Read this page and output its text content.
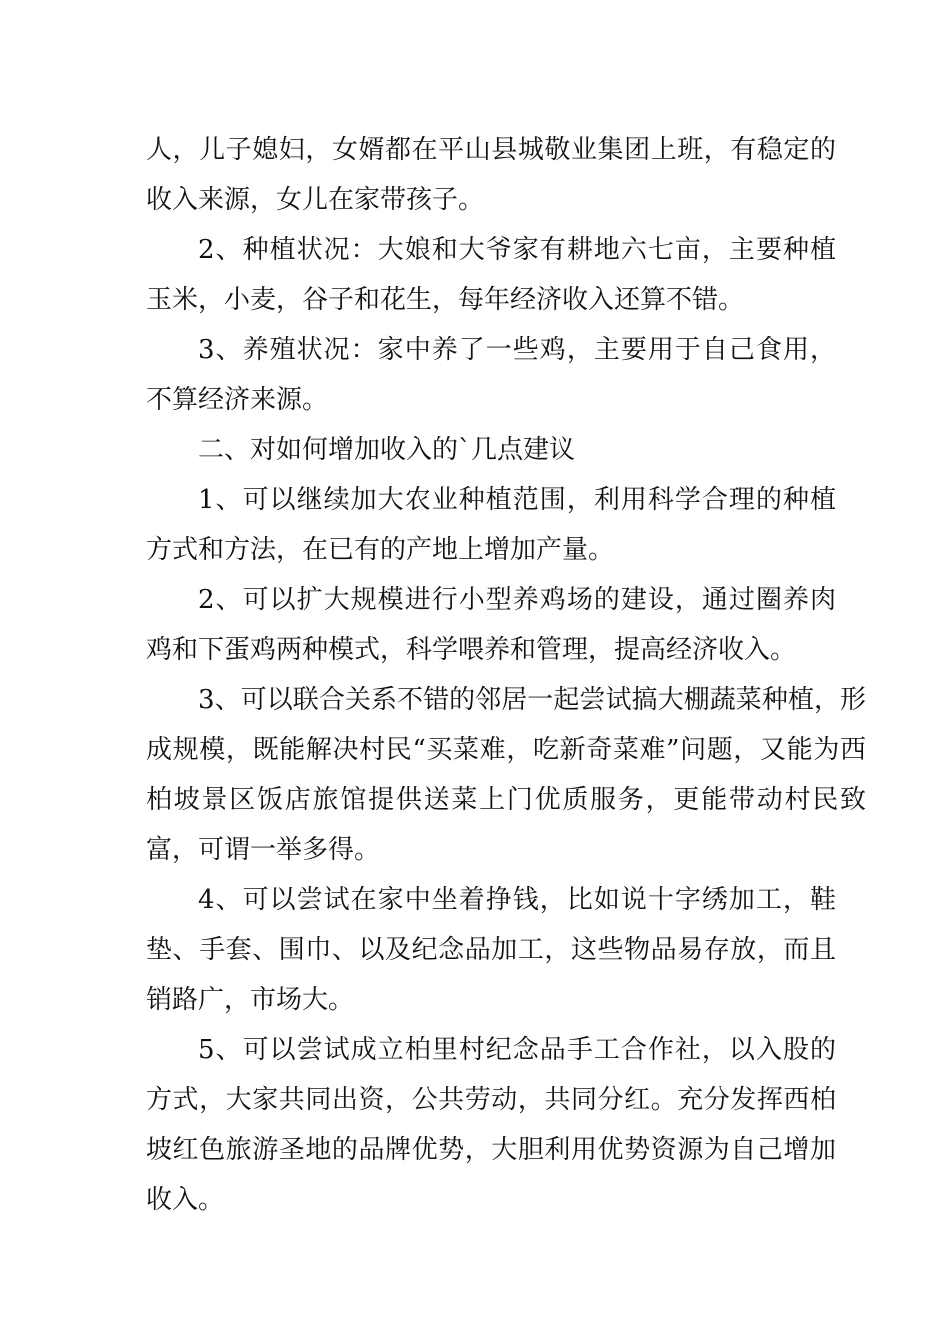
人，儿子媳妇，女婿都在平山县城敬业集团上班，有稳定的收入来源，女儿在家带孩子。

2、种植状况：大娘和大爷家有耕地六七亩，主要种植玉米，小麦，谷子和花生，每年经济收入还算不错。

3、养殖状况：家中养了一些鸡，主要用于自己食用，不算经济来源。

二、对如何增加收入的`几点建议

1、可以继续加大农业种植范围，利用科学合理的种植方式和方法，在已有的产地上增加产量。

2、可以扩大规模进行小型养鸡场的建设，通过圈养肉鸡和下蛋鸡两种模式，科学喂养和管理，提高经济收入。

3、可以联合关系不错的邻居一起尝试搞大棚蔬菜种植，形成规模，既能解决村民“买菜难，吃新奇菜难”问题，又能为西柏坡景区饭店旅馆提供送菜上门优质服务，更能带动村民致富，可谓一举多得。

4、可以尝试在家中坐着挣钱，比如说十字绣加工，鞋垫、手套、围巾、以及纪念品加工，这些物品易存放，而且销路广，市场大。

5、可以尝试成立柏里村纪念品手工合作社，以入股的方式，大家共同出资，公共劳动，共同分红。充分发挥西柏坡红色旅游圣地的品牌优势，大胆利用优势资源为自己增加收入。
